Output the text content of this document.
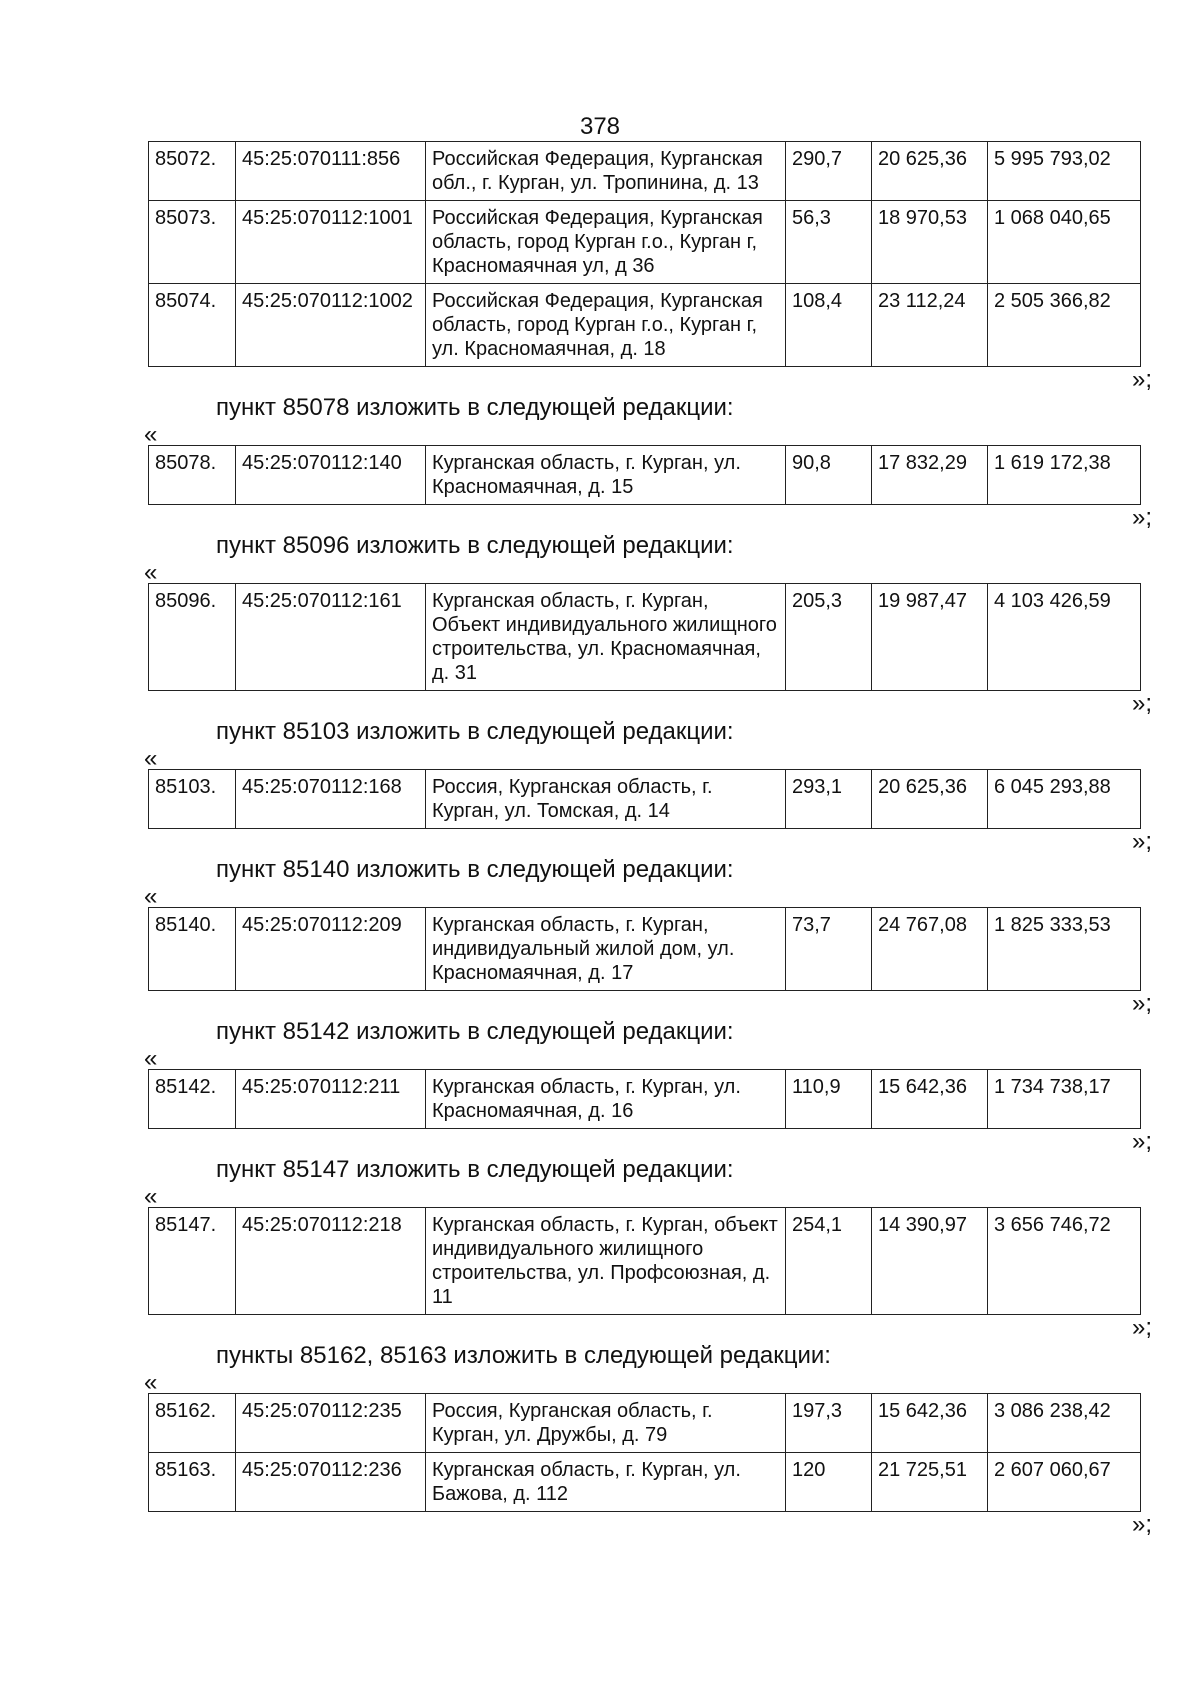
378
85072.	45:25:070111:856	Российская Федерация, Курганская обл., г. Курган, ул. Тропинина, д. 13	290,7	20 625,36	5 995 793,02
85073.	45:25:070112:1001	Российская Федерация, Курганская область, город Курган г.о., Курган г, Красномаячная ул, д 36	56,3	18 970,53	1 068 040,65
85074.	45:25:070112:1002	Российская Федерация, Курганская область, город Курган г.о., Курган г, ул. Красномаячная, д. 18	108,4	23 112,24	2 505 366,82
»;
пункт 85078 изложить в следующей редакции:
«
85078.	45:25:070112:140	Курганская область, г. Курган, ул. Красномаячная, д. 15	90,8	17 832,29	1 619 172,38
»;
пункт 85096 изложить в следующей редакции:
«
85096.	45:25:070112:161	Курганская область, г. Курган, Объект индивидуального жилищного строительства, ул. Красномаячная, д. 31	205,3	19 987,47	4 103 426,59
»;
пункт 85103 изложить в следующей редакции:
«
85103.	45:25:070112:168	Россия, Курганская область, г. Курган, ул. Томская, д. 14	293,1	20 625,36	6 045 293,88
»;
пункт 85140 изложить в следующей редакции:
«
85140.	45:25:070112:209	Курганская область, г. Курган, индивидуальный жилой дом, ул. Красномаячная, д. 17	73,7	24 767,08	1 825 333,53
»;
пункт 85142 изложить в следующей редакции:
«
85142.	45:25:070112:211	Курганская область, г. Курган, ул. Красномаячная, д. 16	110,9	15 642,36	1 734 738,17
»;
пункт 85147 изложить в следующей редакции:
«
85147.	45:25:070112:218	Курганская область, г. Курган, объект индивидуального жилищного строительства, ул. Профсоюзная, д. 11	254,1	14 390,97	3 656 746,72
»;
пункты 85162, 85163 изложить в следующей редакции:
«
85162.	45:25:070112:235	Россия, Курганская область, г. Курган, ул. Дружбы, д. 79	197,3	15 642,36	3 086 238,42
85163.	45:25:070112:236	Курганская область, г. Курган, ул. Бажова, д. 112	120	21 725,51	2 607 060,67
»;
